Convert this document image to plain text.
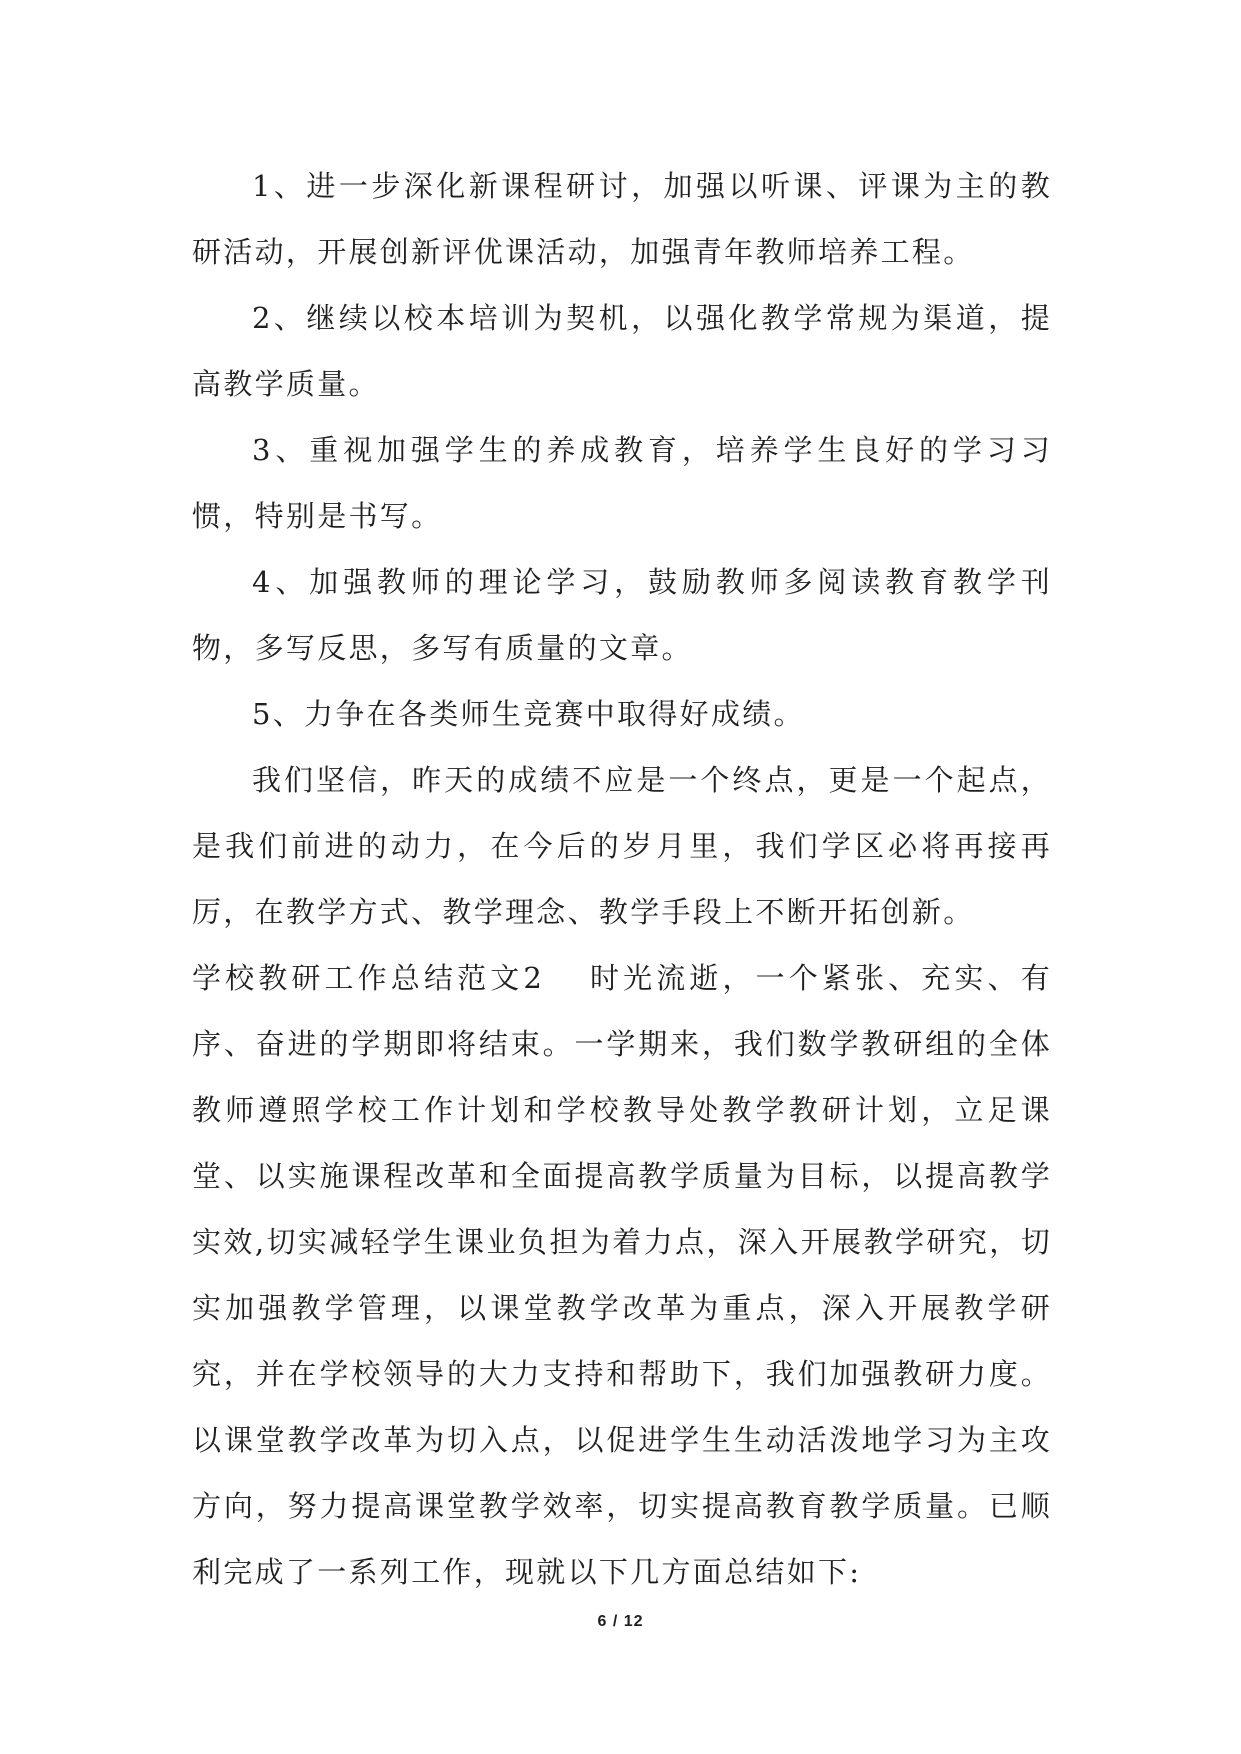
1、进一步深化新课程研讨，加强以听课、评课为主的教研活动，开展创新评优课活动，加强青年教师培养工程。

2、继续以校本培训为契机，以强化教学常规为渠道，提高教学质量。

3、重视加强学生的养成教育，培养学生良好的学习习惯，特别是书写。

4、加强教师的理论学习，鼓励教师多阅读教育教学刊物，多写反思，多写有质量的文章。

5、力争在各类师生竞赛中取得好成绩。

我们坚信，昨天的成绩不应是一个终点，更是一个起点，是我们前进的动力，在今后的岁月里，我们学区必将再接再厉，在教学方式、教学理念、教学手段上不断开拓创新。

学校教研工作总结范文2 时光流逝，一个紧张、充实、有序、奋进的学期即将结束。一学期来，我们数学教研组的全体教师遵照学校工作计划和学校教导处教学教研计划，立足课堂、以实施课程改革和全面提高教学质量为目标，以提高教学实效,切实减轻学生课业负担为着力点，深入开展教学研究，切实加强教学管理，以课堂教学改革为重点，深入开展教学研究，并在学校领导的大力支持和帮助下，我们加强教研力度。以课堂教学改革为切入点，以促进学生生动活泼地学习为主攻方向，努力提高课堂教学效率，切实提高教育教学质量。已顺利完成了一系列工作，现就以下几方面总结如下:

6 / 12
